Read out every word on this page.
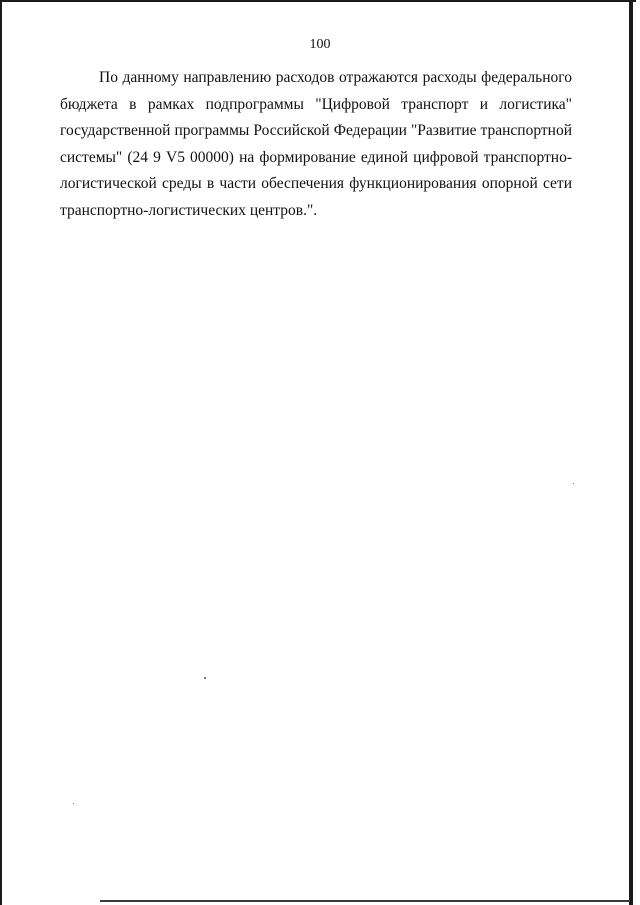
100

По данному направлению расходов отражаются расходы федерального бюджета в рамках подпрограммы "Цифровой транспорт и логистика" государственной программы Российской Федерации "Развитие транспортной системы" (24 9 V5 00000) на формирование единой цифровой транспортно-логистической среды в части обеспечения функционирования опорной сети транспортно-логистических центров.".
